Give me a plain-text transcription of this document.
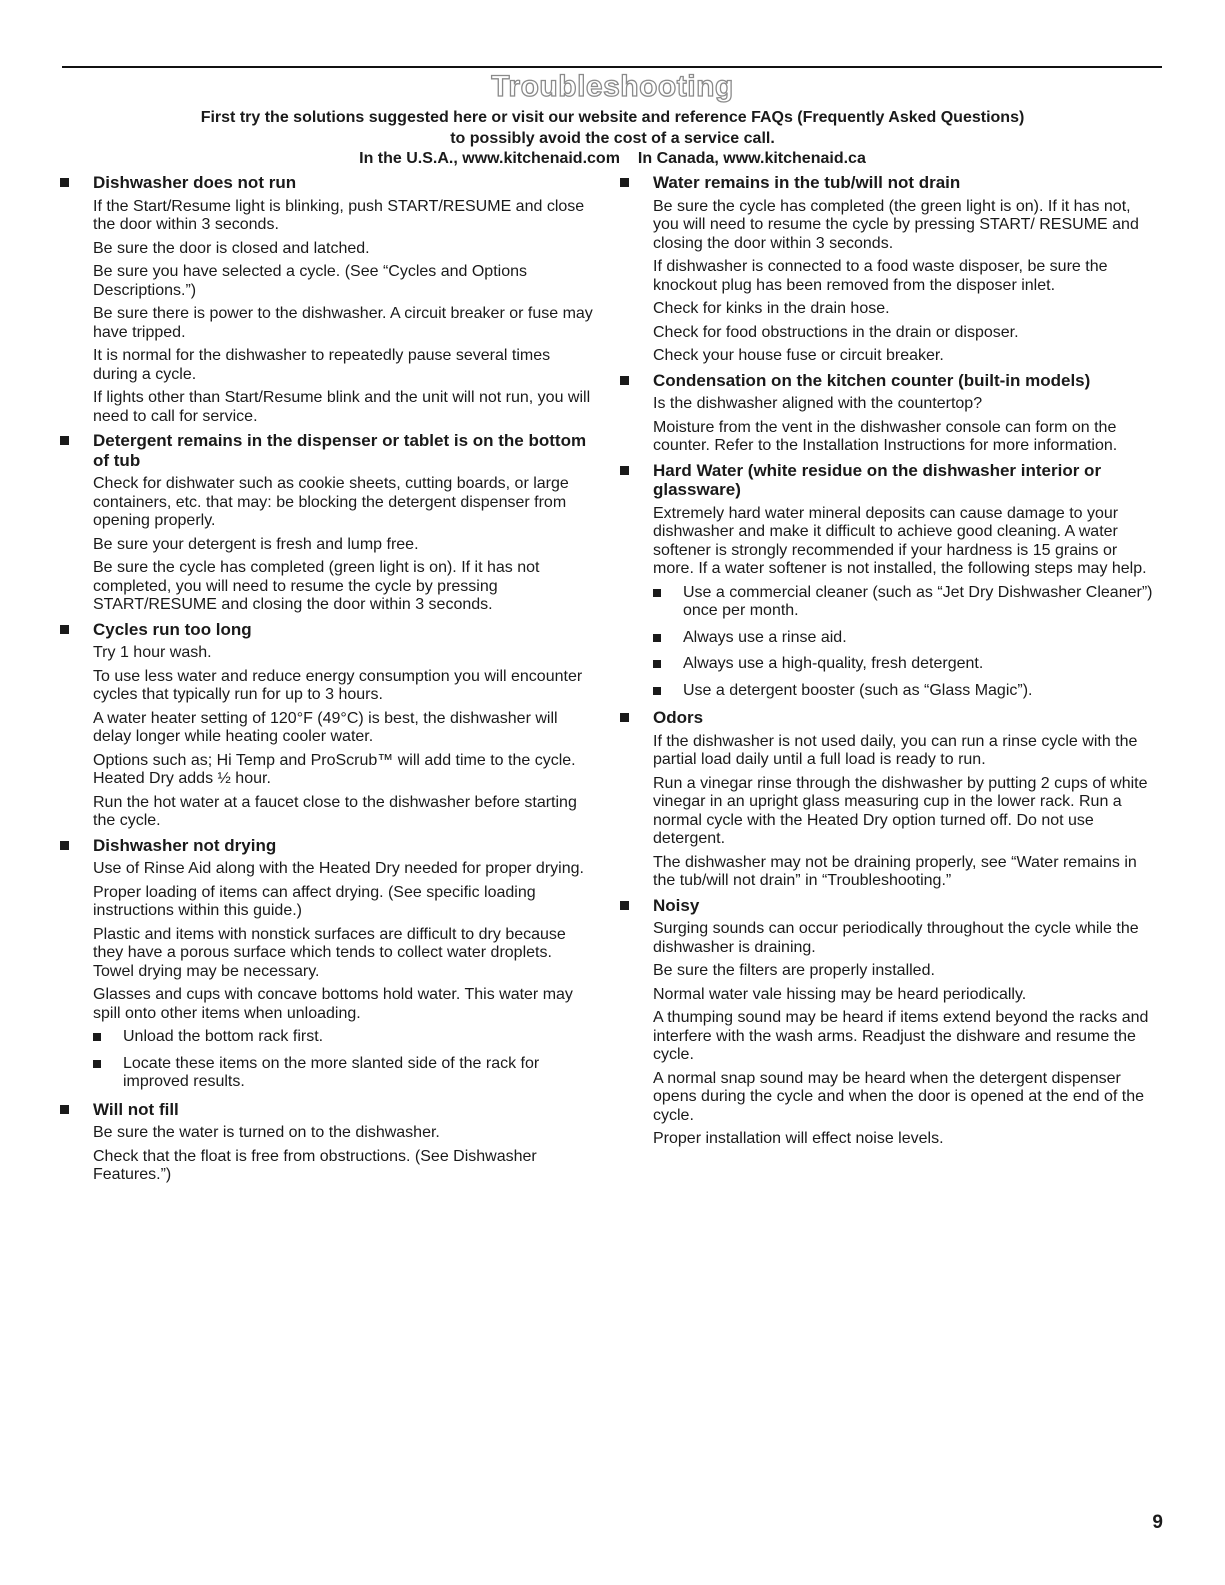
Troubleshooting
First try the solutions suggested here or visit our website and reference FAQs (Frequently Asked Questions)
to possibly avoid the cost of a service call.
In the U.S.A., www.kitchenaid.com In Canada, www.kitchenaid.ca
Dishwasher does not run

If the Start/Resume light is blinking, push START/RESUME and close the door within 3 seconds.

Be sure the door is closed and latched.

Be sure you have selected a cycle. (See “Cycles and Options Descriptions.”)

Be sure there is power to the dishwasher. A circuit breaker or fuse may have tripped.

It is normal for the dishwasher to repeatedly pause several times during a cycle.

If lights other than Start/Resume blink and the unit will not run, you will need to call for service.

Detergent remains in the dispenser or tablet is on the bottom of tub

Check for dishwater such as cookie sheets, cutting boards, or large containers, etc. that may: be blocking the detergent dispenser from opening properly.

Be sure your detergent is fresh and lump free.

Be sure the cycle has completed (green light is on). If it has not completed, you will need to resume the cycle by pressing START/RESUME and closing the door within 3 seconds.

Cycles run too long

Try 1 hour wash.

To use less water and reduce energy consumption you will encounter cycles that typically run for up to 3 hours.

A water heater setting of 120°F (49°C) is best, the dishwasher will delay longer while heating cooler water.

Options such as; Hi Temp and ProScrub™ will add time to the cycle. Heated Dry adds ½ hour.

Run the hot water at a faucet close to the dishwasher before starting the cycle.

Dishwasher not drying

Use of Rinse Aid along with the Heated Dry needed for proper drying.

Proper loading of items can affect drying. (See specific loading instructions within this guide.)

Plastic and items with nonstick surfaces are difficult to dry because they have a porous surface which tends to collect water droplets. Towel drying may be necessary.

Glasses and cups with concave bottoms hold water. This water may spill onto other items when unloading.

Unload the bottom rack first.
Locate these items on the more slanted side of the rack for improved results.
Will not fill

Be sure the water is turned on to the dishwasher.

Check that the float is free from obstructions. (See Dishwasher Features.”)

Water remains in the tub/will not drain

Be sure the cycle has completed (the green light is on). If it has not, you will need to resume the cycle by pressing START/ RESUME and closing the door within 3 seconds.

If dishwasher is connected to a food waste disposer, be sure the knockout plug has been removed from the disposer inlet.

Check for kinks in the drain hose.

Check for food obstructions in the drain or disposer.

Check your house fuse or circuit breaker.

Condensation on the kitchen counter (built-in models)

Is the dishwasher aligned with the countertop?

Moisture from the vent in the dishwasher console can form on the counter. Refer to the Installation Instructions for more information.

Hard Water (white residue on the dishwasher interior or glassware)

Extremely hard water mineral deposits can cause damage to your dishwasher and make it difficult to achieve good cleaning. A water softener is strongly recommended if your hardness is 15 grains or more. If a water softener is not installed, the following steps may help.

Use a commercial cleaner (such as “Jet Dry Dishwasher Cleaner”) once per month.
Always use a rinse aid.
Always use a high-quality, fresh detergent.
Use a detergent booster (such as “Glass Magic”).
Odors

If the dishwasher is not used daily, you can run a rinse cycle with the partial load daily until a full load is ready to run.

Run a vinegar rinse through the dishwasher by putting 2 cups of white vinegar in an upright glass measuring cup in the lower rack. Run a normal cycle with the Heated Dry option turned off. Do not use detergent.

The dishwasher may not be draining properly, see “Water remains in the tub/will not drain” in “Troubleshooting.”

Noisy

Surging sounds can occur periodically throughout the cycle while the dishwasher is draining.

Be sure the filters are properly installed.

Normal water vale hissing may be heard periodically.

A thumping sound may be heard if items extend beyond the racks and interfere with the wash arms. Readjust the dishware and resume the cycle.

A normal snap sound may be heard when the detergent dispenser opens during the cycle and when the door is opened at the end of the cycle.

Proper installation will effect noise levels.

9
